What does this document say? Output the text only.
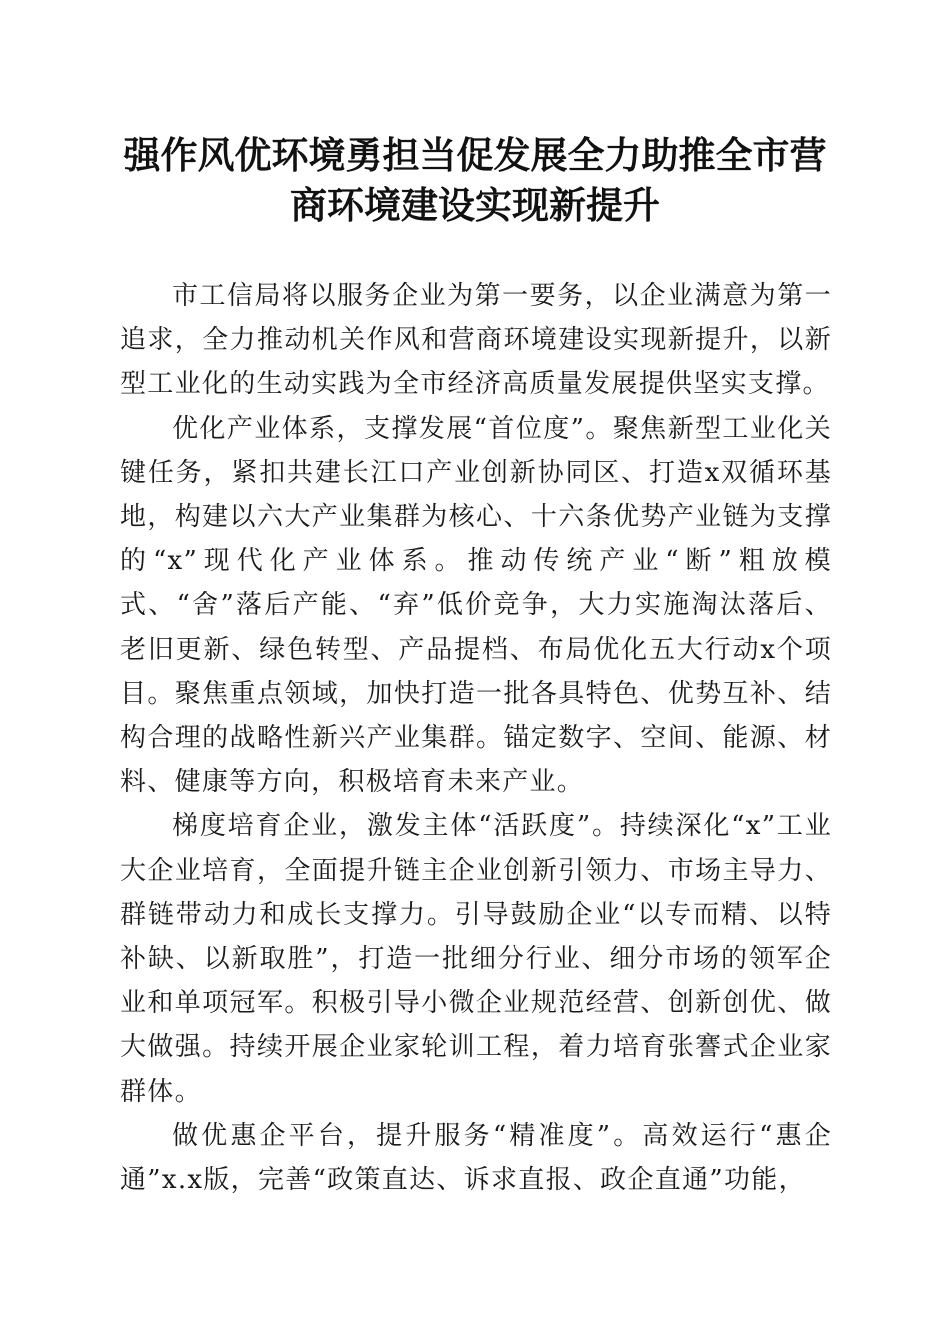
强作风优环境勇担当促发展全力助推全市营商环境建设实现新提升

市工信局将以服务企业为第一要务，以企业满意为第一追求，全力推动机关作风和营商环境建设实现新提升，以新型工业化的生动实践为全市经济高质量发展提供坚实支撑。

优化产业体系，支撑发展“首位度”。聚焦新型工业化关键任务，紧扣共建长江口产业创新协同区、打造x双循环基地，构建以六大产业集群为核心、十六条优势产业链为支撑的“x”现代化产业体系。推动传统产业“断”粗放模式、“舍”落后产能、“弃”低价竞争，大力实施淘汰落后、老旧更新、绿色转型、产品提档、布局优化五大行动x个项目。聚焦重点领域，加快打造一批各具特色、优势互补、结构合理的战略性新兴产业集群。锚定数字、空间、能源、材料、健康等方向，积极培育未来产业。

梯度培育企业，激发主体“活跃度”。持续深化“x”工业大企业培育，全面提升链主企业创新引领力、市场主导力、群链带动力和成长支撑力。引导鼓励企业“以专而精、以特补缺、以新取胜”，打造一批细分行业、细分市场的领军企业和单项冠军。积极引导小微企业规范经营、创新创优、做大做强。持续开展企业家轮训工程，着力培育张謇式企业家群体。

做优惠企平台，提升服务“精准度”。高效运行“惠企通”x.x版，完善“政策直达、诉求直报、政企直通”功能，
